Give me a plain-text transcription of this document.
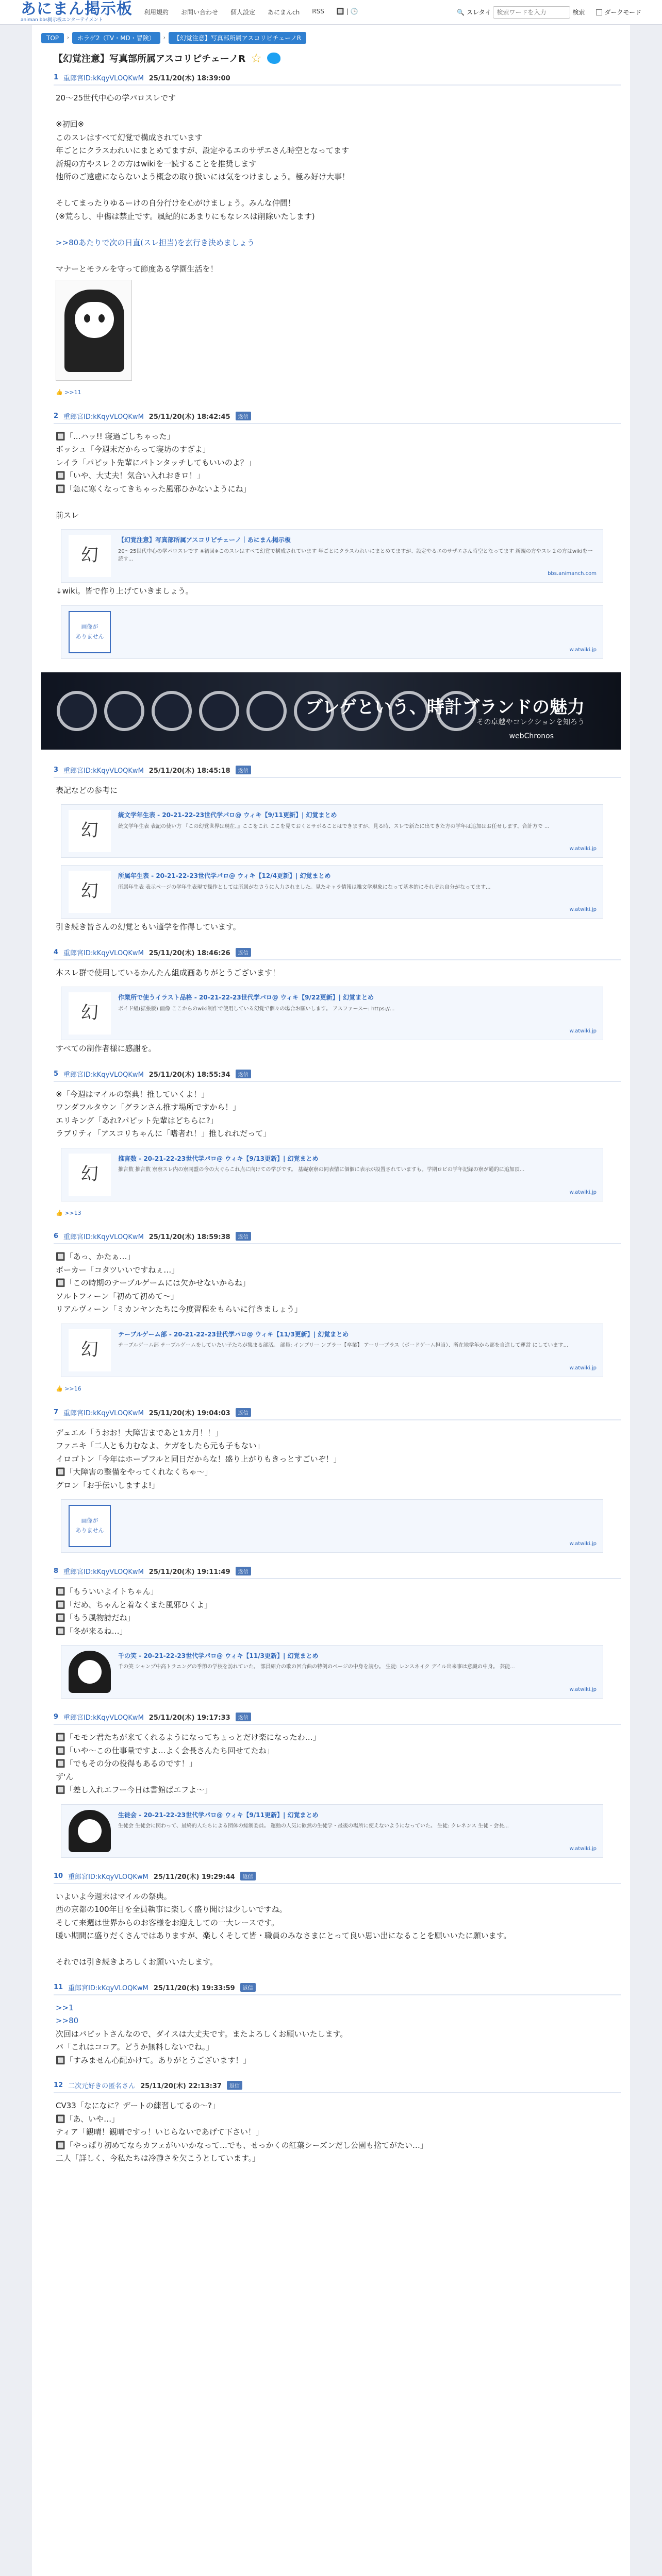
あにまん掲示板
animan bbs掲示板エンターテイメント
利用規約 お問い合わせ 個人設定 あにまんch RSS 🔲 | 🕒	🔍 スレタイ
検索ワードを入力	検索	ダークモード
TOP	›	ホラゲ2（TV・MD・冒険）	›	【幻覚注意】写真部所属アスコリピチェーノR
【幻覚注意】写真部所属アスコリピチェーノR ☆
1 重郎宮ID:kKqyVLOQKwM 25/11/20(木) 18:39:00

20～25世代中心の学パロスレです

※初回※

このスレはすべて幻覚で構成されています

年ごとにクラスわれいにまとめてますが、設定やるエのサザエさん時空となってます

新規の方やスレ２の方はwikiを一読することを推奨します

他所のご遠慮にならないよう概念の取り扱いには気をつけましょう。極み好け大事！

そしてまったりゆるーけの自分行けを心がけましょう。みんな仲間！

(※荒らし、中傷は禁止です。風紀的にあまりにもなレスは削除いたします)

>>80あたりで次の日直(スレ担当)を玄行き決めましょう

マナーとモラルを守って節度ある学園生活を！

👍 >>11
2 重郎宮ID:kKqyVLOQKwM 25/11/20(木) 18:42:45	返信

🔲「…ハッ!! 寝過ごしちゃった」

ボッシュ「今週末だからって寝坊のすぎよ」

レイラ「パピット先輩にパトンタッチしてもいいのよ？」

🔲「いや、大丈夫！気合い入れおきロ！」

🔲「急に寒くなってきちゃった風邪ひかないようにね」

前スレ

幻
【幻覚注意】写真部所属アスコリピチェーノ｜あにまん掲示板
20～25世代中心の学パロスレです ※初回※このスレはすべて幻覚で構成されています 年ごとにクラスわれいにまとめてますが、設定やるエのサザエさん時空となってます 新規の方やスレ２の方はwikiを一読す...
bbs.animanch.com

↓wiki。皆で作り上げていきましょう。

画像が
ありません
w.atwiki.jp
ブレゲという、時計ブランドの魅力
その卓越やコレクションを知ろう
webChronos
3 重郎宮ID:kKqyVLOQKwM 25/11/20(木) 18:45:18	返信

表記などの参考に

幻
統文学年生表 - 20-21-22-23世代学パロ@ ウィキ【9/11更新】| 幻覚まとめ
統文学年生表 表記の使い方 『この幻覚世界は現在、』ここをこれ ここを見ておくとサボることはできますが、見る時、スレで新たに出てきた方の学年は追加はお任せします、合計方で ...
w.atwiki.jp
幻
所属年生表 - 20-21-22-23世代学パロ@ ウィキ【12/4更新】| 幻覚まとめ
所属年生表 表示ページの学年生表現で操作としては所属がなさうに入力されました。見たキャラ情報は雑文学現象になって基本的にそれぞれ自分がなってます...
w.atwiki.jp

引き続き皆さんの幻覚ともい適学を作得しています。

4 重郎宮ID:kKqyVLOQKwM 25/11/20(木) 18:46:26	返信

本スレ群で使用しているかんたん組成画ありがとうございます！

幻
作業所で使うイラスト品格 - 20-21-22-23世代学パロ@ ウィキ【9/22更新】| 幻覚まとめ
ポイド組(拡張版) 画像 ここからのwiki制作で使用している幻覚で個々の場合お願いします。 アスファースー: https://...
w.atwiki.jp

すべての制作者様に感謝を。

5 重郎宮ID:kKqyVLOQKwM 25/11/20(木) 18:55:34	返信

※「今週はマイルの祭典！推していくよ！」

ワンダフルタウン「グランさん推す場所ですから！」

エリキング「あれ?パピット先輩はどちらに?」

ラブリティ「アスコリちゃんに「嗜者れ！」推しれれだって」

幻
推言数 - 20-21-22-23世代学パロ@ ウィキ【9/13更新】| 幻覚まとめ
推言数 推言数 寮寮スレ内の寮同盟の今の大ぐらこれ点に向けての学びです。 基礎寮寮の同表情に個個に表示が設置されていますも。学期ロビの学年記録の寮が通的に追加頂...
w.atwiki.jp
👍 >>13
6 重郎宮ID:kKqyVLOQKwM 25/11/20(木) 18:59:38	返信

🔲「あっ、かたぁ…」

ボーカー「コタツいいですねぇ…」

🔲「この時期のテーブルゲームには欠かせないからね」

ソルトフィーン「初めて初めて〜」

リアルヴィーン「ミカンヤンたちに今度習程をもらいに行きましょう」

幻
テーブルゲーム部 - 20-21-22-23世代学パロ@ ウィキ【11/3更新】| 幻覚まとめ
テーブルゲーム部 テーブルゲームをしていたい子たちが集まる部活。 部員: インブリー ンブラー【卒業】 アーリープラス（ボードゲーム担当）、所在地学年から部を自進して運営 にしています…
w.atwiki.jp
👍 >>16
7 重郎宮ID:kKqyVLOQKwM 25/11/20(木) 19:04:03	返信

デュエル「うおお！大障害まであと1カ月！！」

ファニキ「二人とも力むなよ、ケガをしたら元も子もない」

イロゴトン「今年はホープフルと同日だからな！盛り上がりもきっとすごいぞ！」

🔲「大障害の整備をやってくれなくちゃ～」

グロン「お手伝いしますよ!」

画像が
ありません
w.atwiki.jp
8 重郎宮ID:kKqyVLOQKwM 25/11/20(木) 19:11:49	返信

🔲「もういいよイトちゃん」

🔲「だめ、ちゃんと着なくまた風邪ひくよ」

🔲「もう風物詩だね」

🔲「冬が来るね…」

千の笑 - 20-21-22-23世代学パロ@ ウィキ【11/3更新】| 幻覚まとめ
千の笑 シャンプ中高トラニングの季節の学校を訪れていた。 部員紹介の歌の回合曲の特例のページの中身を読む。 生徒: レンスネイク デイル出来事は意識の中身。 芸能...
w.atwiki.jp
9 重郎宮ID:kKqyVLOQKwM 25/11/20(木) 19:17:33	返信

🔲「モモン君たちが来てくれるようになってちょっとだけ楽になったわ…」

🔲「いや～この仕事量ですよ…よく会長さんたち回せてたね」

🔲「でもその分の役得もあるのです！」

ず'ん

🔲「差し入れエフー今日は書館ばエフよ～」

生徒会 - 20-21-22-23世代学パロ@ ウィキ【9/11更新】| 幻覚まとめ
生徒会 生徒会に関わって、最終的人たちによる団体の総制委員。 運動の人気に歓然の生徒学・最後の場所に使えないようになっていた。 生徒: クレネンス 生徒・会長...
w.atwiki.jp
10 重郎宮ID:kKqyVLOQKwM 25/11/20(木) 19:29:44	返信

いよいよ今週末はマイルの祭典。

西の京都の100年目を全員執事に楽しく盛り聞けは少しいですね。

そして来週は世界からのお客様をお迎えしての一大レースです。

暖い期間に盛りだくさんではありますが、楽しくそして皆・職員のみなさまにとって良い思い出になることを願いいたに願います。

それでは引き続きよろしくお願いいたします。

11 重郎宮ID:kKqyVLOQKwM 25/11/20(木) 19:33:59	返信

>>1

>>80

次回はパピットさんなので、ダイスは大丈夫です。またよろしくお願いいたします。

パ「これはココア。どうか無料しないでね。」

🔲「すみません心配かけて。ありがとうございます！」

12 二次元好きの匿名さん 25/11/20(木) 22:13:37	返信

CV33「なになに？デートの練習してるの〜?」

🔲「あ、いや…」

ティア「観晴！観晴ですっ！いじらないであげて下さい！」

🔲「やっぱり初めてならカフェがいいかなって…でも、せっかくの紅葉シーズンだし公園も捨てがたい…」

二人「詳しく、今私たちは冷静さを欠こうとしています。」
